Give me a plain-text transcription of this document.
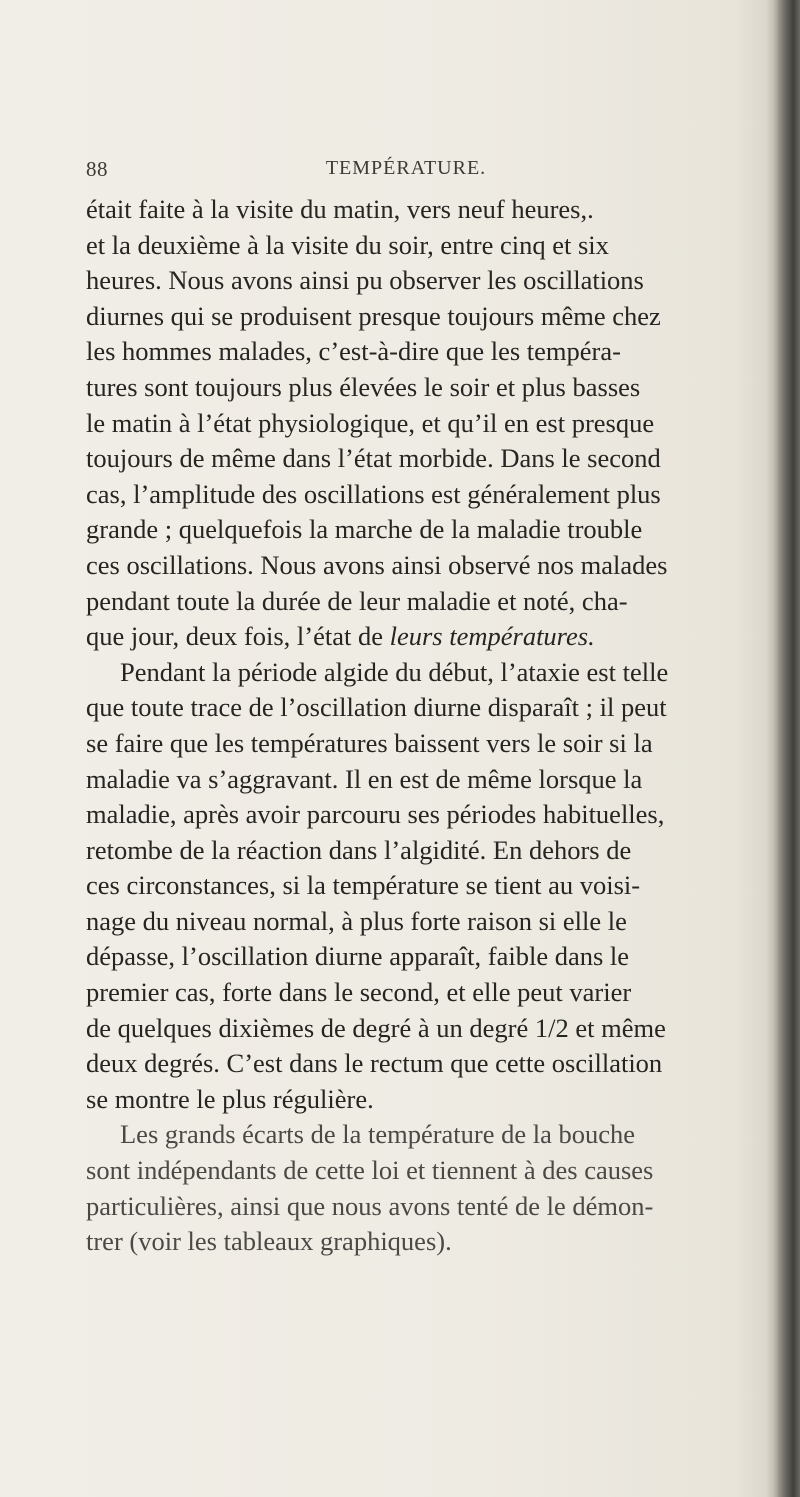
88	TEMPÉRATURE.
était faite à la visite du matin, vers neuf heures,.
et la deuxième à la visite du soir, entre cinq et six
heures. Nous avons ainsi pu observer les oscillations
diurnes qui se produisent presque toujours même chez
les hommes malades, c’est-à-dire que les tempéra-
tures sont toujours plus élevées le soir et plus basses
le matin à l’état physiologique, et qu’il en est presque
toujours de même dans l’état morbide. Dans le second
cas, l’amplitude des oscillations est généralement plus
grande ; quelquefois la marche de la maladie trouble
ces oscillations. Nous avons ainsi observé nos malades
pendant toute la durée de leur maladie et noté, cha-
que jour, deux fois, l’état de leurs températures.
Pendant la période algide du début, l’ataxie est telle
que toute trace de l’oscillation diurne disparaît ; il peut
se faire que les températures baissent vers le soir si la
maladie va s’aggravant. Il en est de même lorsque la
maladie, après avoir parcouru ses périodes habituelles,
retombe de la réaction dans l’algidité. En dehors de
ces circonstances, si la température se tient au voisi-
nage du niveau normal, à plus forte raison si elle le
dépasse, l’oscillation diurne apparaît, faible dans le
premier cas, forte dans le second, et elle peut varier
de quelques dixièmes de degré à un degré 1/2 et même
deux degrés. C’est dans le rectum que cette oscillation
se montre le plus régulière.
Les grands écarts de la température de la bouche
sont indépendants de cette loi et tiennent à des causes
particulières, ainsi que nous avons tenté de le démon-
trer (voir les tableaux graphiques).
